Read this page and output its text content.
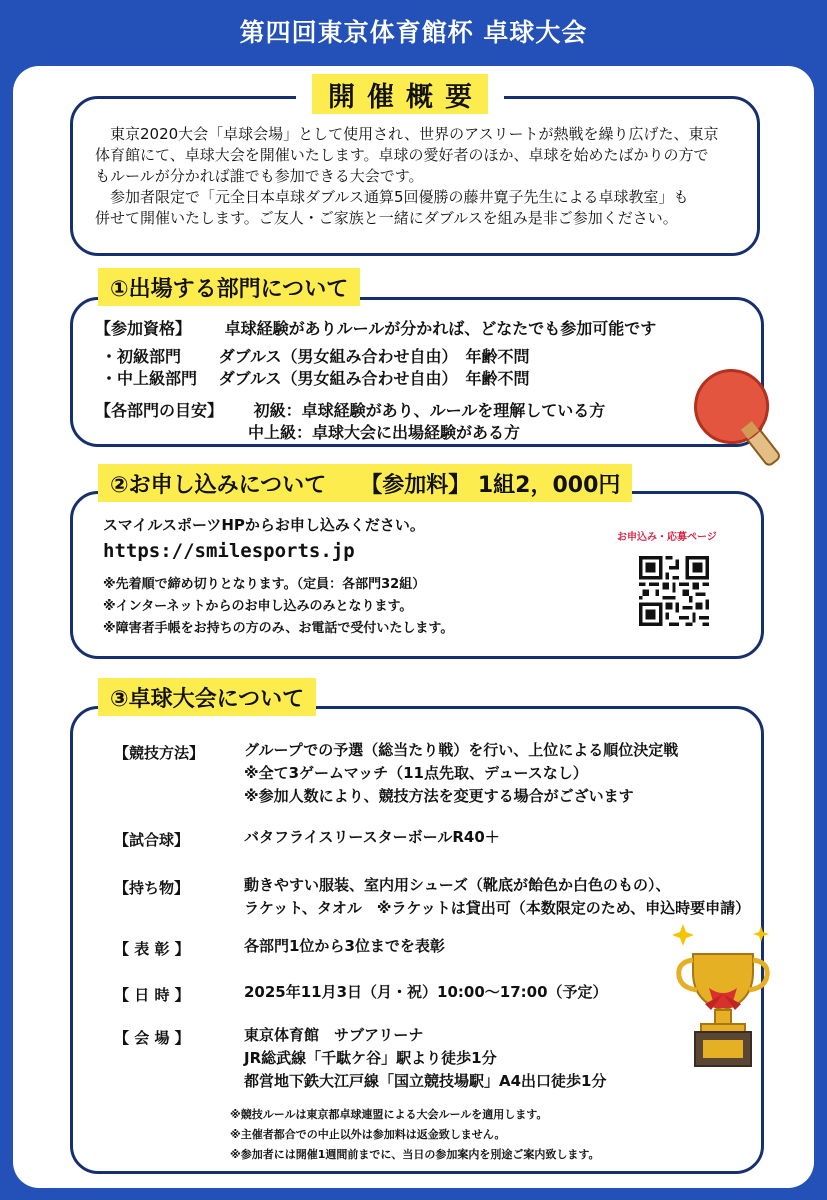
第四回東京体育館杯 卓球大会
開催概要
東京2020大会「卓球会場」として使用され、世界のアスリートが熱戦を繰り広げた、東京
体育館にて、卓球大会を開催いたします。卓球の愛好者のほか、卓球を始めたばかりの方で
もルールが分かれば誰でも参加できる大会です。
参加者限定で「元全日本卓球ダブルス通算5回優勝の藤井寛子先生による卓球教室」も
併せて開催いたします。ご友人・ご家族と一緒にダブルスを組み是非ご参加ください。
①出場する部門について
【参加資格】 卓球経験がありルールが分かれば、どなたでも参加可能です
・初級部門 ダブルス（男女組み合わせ自由）　年齢不問
・中上級部門 ダブルス（男女組み合わせ自由）　年齢不問
【各部門の目安】 初級：卓球経験があり、ルールを理解している方
中上級：卓球大会に出場経験がある方
②お申し込みについて 【参加料】 1組2，000円
スマイルスポーツHPからお申し込みください。
https://smilesports.jp
※先着順で締め切りとなります。（定員：各部門32組）
※インターネットからのお申し込みのみとなります。
※障害者手帳をお持ちの方のみ、お電話で受付いたします。
お申込み・応募ページ
③卓球大会について
【競技方法】	グループでの予選（総当たり戦）を行い、上位による順位決定戦
※全て3ゲームマッチ（11点先取、デュースなし）
※参加人数により、競技方法を変更する場合がございます
【試合球】	バタフライスリースターボールR40＋
【持ち物】	動きやすい服装、室内用シューズ（靴底が飴色か白色のもの）、
ラケット、タオル　※ラケットは貸出可（本数限定のため、申込時要申請）
【 表 彰 】	各部門1位から3位までを表彰
【 日 時 】	2025年11月3日（月・祝）10:00～17:00（予定）
【 会 場 】	東京体育館　サブアリーナ
JR総武線「千駄ケ谷」駅より徒歩1分
都営地下鉄大江戸線「国立競技場駅」A4出口徒歩1分
※競技ルールは東京都卓球連盟による大会ルールを適用します。
※主催者都合での中止以外は参加料は返金致しません。
※参加者には開催1週間前までに、当日の参加案内を別途ご案内致します。
